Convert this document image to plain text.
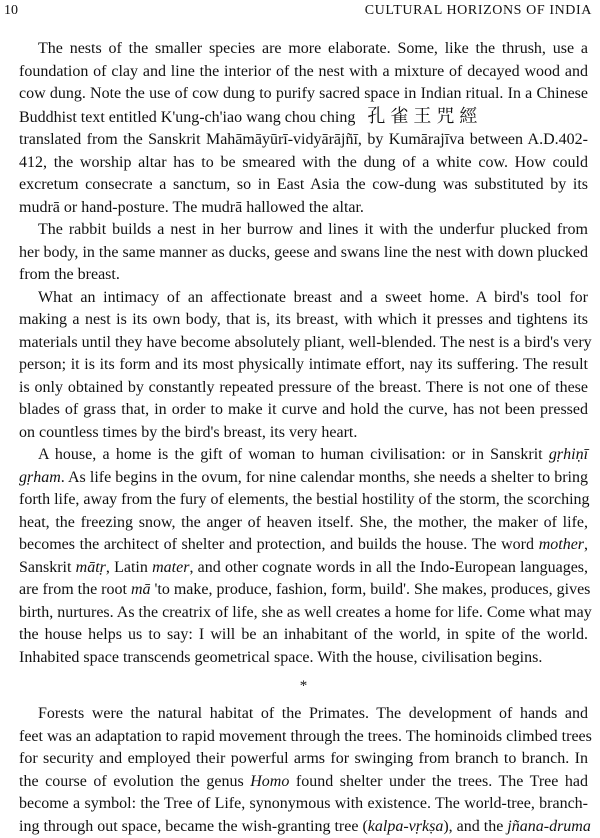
10	CULTURAL HORIZONS OF INDIA

The nests of the smaller species are more elaborate. Some, like the thrush, use a
foundation of clay and line the interior of the nest with a mixture of decayed wood and
cow dung. Note the use of cow dung to purify sacred space in Indian ritual. In a Chinese
Buddhist text entitled K'ung-ch'iao wang chou ching 孔雀王咒經
translated from the Sanskrit Mahāmāyūrī-vidyārājñī, by Kumārajīva between A.D.402-
412, the worship altar has to be smeared with the dung of a white cow. How could
excretum consecrate a sanctum, so in East Asia the cow-dung was substituted by its
mudrā or hand-posture. The mudrā hallowed the altar.

The rabbit builds a nest in her burrow and lines it with the underfur plucked from
her body, in the same manner as ducks, geese and swans line the nest with down plucked
from the breast.

What an intimacy of an affectionate breast and a sweet home. A bird's tool for
making a nest is its own body, that is, its breast, with which it presses and tightens its
materials until they have become absolutely pliant, well-blended. The nest is a bird's very
person; it is its form and its most physically intimate effort, nay its suffering. The result
is only obtained by constantly repeated pressure of the breast. There is not one of these
blades of grass that, in order to make it curve and hold the curve, has not been pressed
on countless times by the bird's breast, its very heart.

A house, a home is the gift of woman to human civilisation: or in Sanskrit gṛhiṇī
gṛham. As life begins in the ovum, for nine calendar months, she needs a shelter to bring
forth life, away from the fury of elements, the bestial hostility of the storm, the scorching
heat, the freezing snow, the anger of heaven itself. She, the mother, the maker of life,
becomes the architect of shelter and protection, and builds the house. The word mother,
Sanskrit mātṛ, Latin mater, and other cognate words in all the Indo-European languages,
are from the root mā 'to make, produce, fashion, form, build'. She makes, produces, gives
birth, nurtures. As the creatrix of life, she as well creates a home for life. Come what may
the house helps us to say: I will be an inhabitant of the world, in spite of the world.
Inhabited space transcends geometrical space. With the house, civilisation begins.

*

Forests were the natural habitat of the Primates. The development of hands and
feet was an adaptation to rapid movement through the trees. The hominoids climbed trees
for security and employed their powerful arms for swinging from branch to branch. In
the course of evolution the genus Homo found shelter under the trees. The Tree had
become a symbol: the Tree of Life, synonymous with existence. The world-tree, branch-
ing through out space, became the wish-granting tree (kalpa-vṛkṣa), and the jñana-druma
